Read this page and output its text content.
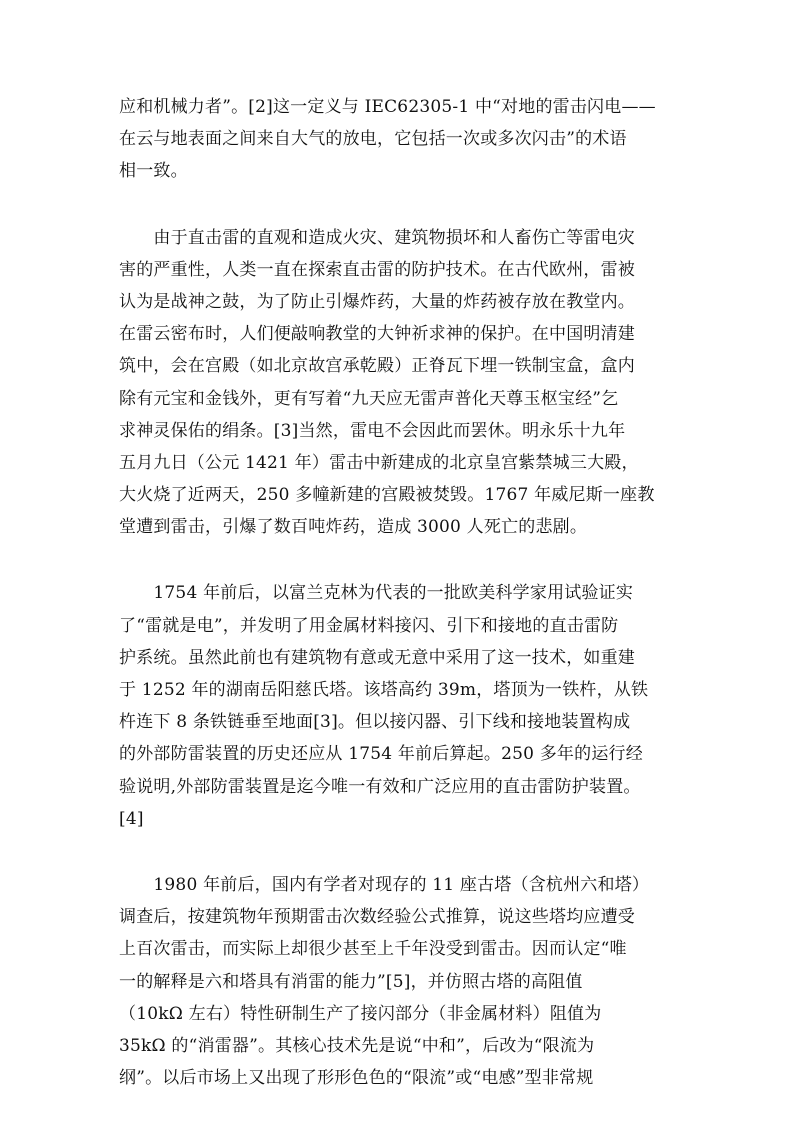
应和机械力者”。[2]这一定义与 IEC62305-1 中“对地的雷击闪电——
在云与地表面之间来自大气的放电，它包括一次或多次闪击”的术语
相一致。
　　由于直击雷的直观和造成火灾、建筑物损坏和人畜伤亡等雷电灾
害的严重性，人类一直在探索直击雷的防护技术。在古代欧州，雷被
认为是战神之鼓，为了防止引爆炸药，大量的炸药被存放在教堂内。
在雷云密布时，人们便敲响教堂的大钟祈求神的保护。在中国明清建
筑中，会在宫殿（如北京故宫承乾殿）正脊瓦下埋一铁制宝盒，盒内
除有元宝和金钱外，更有写着“九天应无雷声普化天尊玉枢宝经”乞
求神灵保佑的绢条。[3]当然，雷电不会因此而罢休。明永乐十九年
五月九日（公元 1421 年）雷击中新建成的北京皇宫紫禁城三大殿，
大火烧了近两天，250 多幢新建的宫殿被焚毁。1767 年威尼斯一座教
堂遭到雷击，引爆了数百吨炸药，造成 3000 人死亡的悲剧。
　　1754 年前后，以富兰克林为代表的一批欧美科学家用试验证实
了“雷就是电”，并发明了用金属材料接闪、引下和接地的直击雷防
护系统。虽然此前也有建筑物有意或无意中采用了这一技术，如重建
于 1252 年的湖南岳阳慈氏塔。该塔高约 39m，塔顶为一铁杵，从铁
杵连下 8 条铁链垂至地面[3]。但以接闪器、引下线和接地装置构成
的外部防雷装置的历史还应从 1754 年前后算起。250 多年的运行经
验说明,外部防雷装置是迄今唯一有效和广泛应用的直击雷防护装置。
[4]
　　1980 年前后，国内有学者对现存的 11 座古塔（含杭州六和塔）
调查后，按建筑物年预期雷击次数经验公式推算，说这些塔均应遭受
上百次雷击，而实际上却很少甚至上千年没受到雷击。因而认定“唯
一的解释是六和塔具有消雷的能力”[5]，并仿照古塔的高阻值
（10kΩ 左右）特性研制生产了接闪部分（非金属材料）阻值为
35kΩ 的“消雷器”。其核心技术先是说“中和”，后改为“限流为
纲”。以后市场上又出现了形形色色的“限流”或“电感”型非常规
